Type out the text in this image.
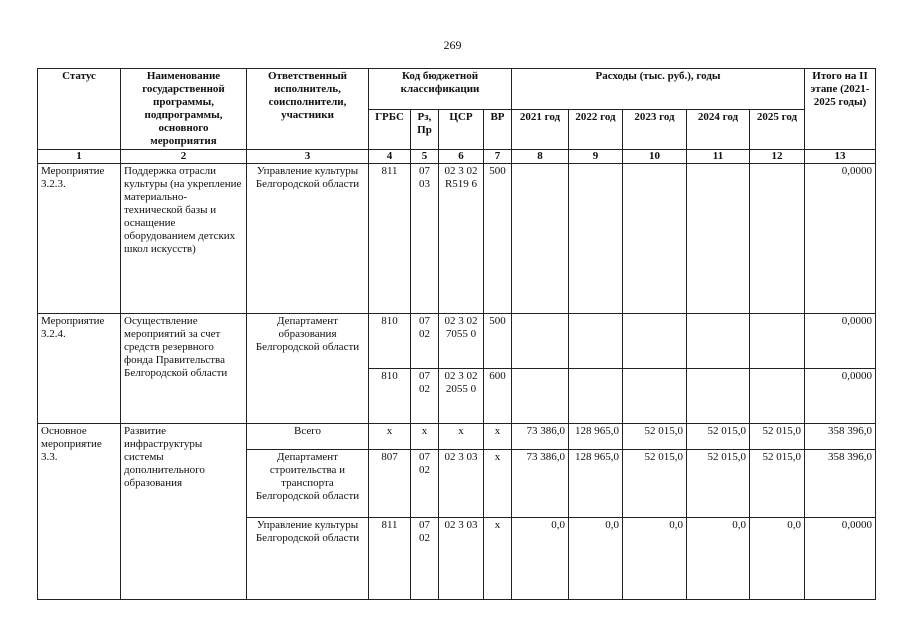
269
Статус	Наименование государственной программы, подпрограммы, основного мероприятия	Ответственный исполнитель, соисполнители, участники	Код бюджетной классификации				Расходы (тыс. руб.), годы					Итого на II этапе (2021-2025 годы)
			ГРБС	Рз, Пр	ЦСР	ВР	2021 год	2022 год	2023 год	2024 год	2025 год	
1	2	3	4	5	6	7	8	9	10	11	12	13
Мероприятие 3.2.3.	Поддержка отрасли культуры (на укрепление материально-технической базы и оснащение оборудованием детских школ искусств)	Управление культуры Белгородской области	811	07 03	02 3 02 R519 6	500						0,0000
Мероприятие 3.2.4.	Осуществление мероприятий за счет средств резервного фонда Правительства Белгородской области	Департамент образования Белгородской области	810	07 02	02 3 02 7055 0	500						0,0000
			810	07 02	02 3 02 2055 0	600						0,0000
Основное мероприятие 3.3.	Развитие инфраструктуры системы дополнительного образования	Всего	x	x	x	x	73 386,0	128 965,0	52 015,0	52 015,0	52 015,0	358 396,0
		Департамент строительства и транспорта Белгородской области	807	07 02	02 3 03	x	73 386,0	128 965,0	52 015,0	52 015,0	52 015,0	358 396,0
		Управление культуры Белгородской области	811	07 02	02 3 03	x	0,0	0,0	0,0	0,0	0,0	0,0000
